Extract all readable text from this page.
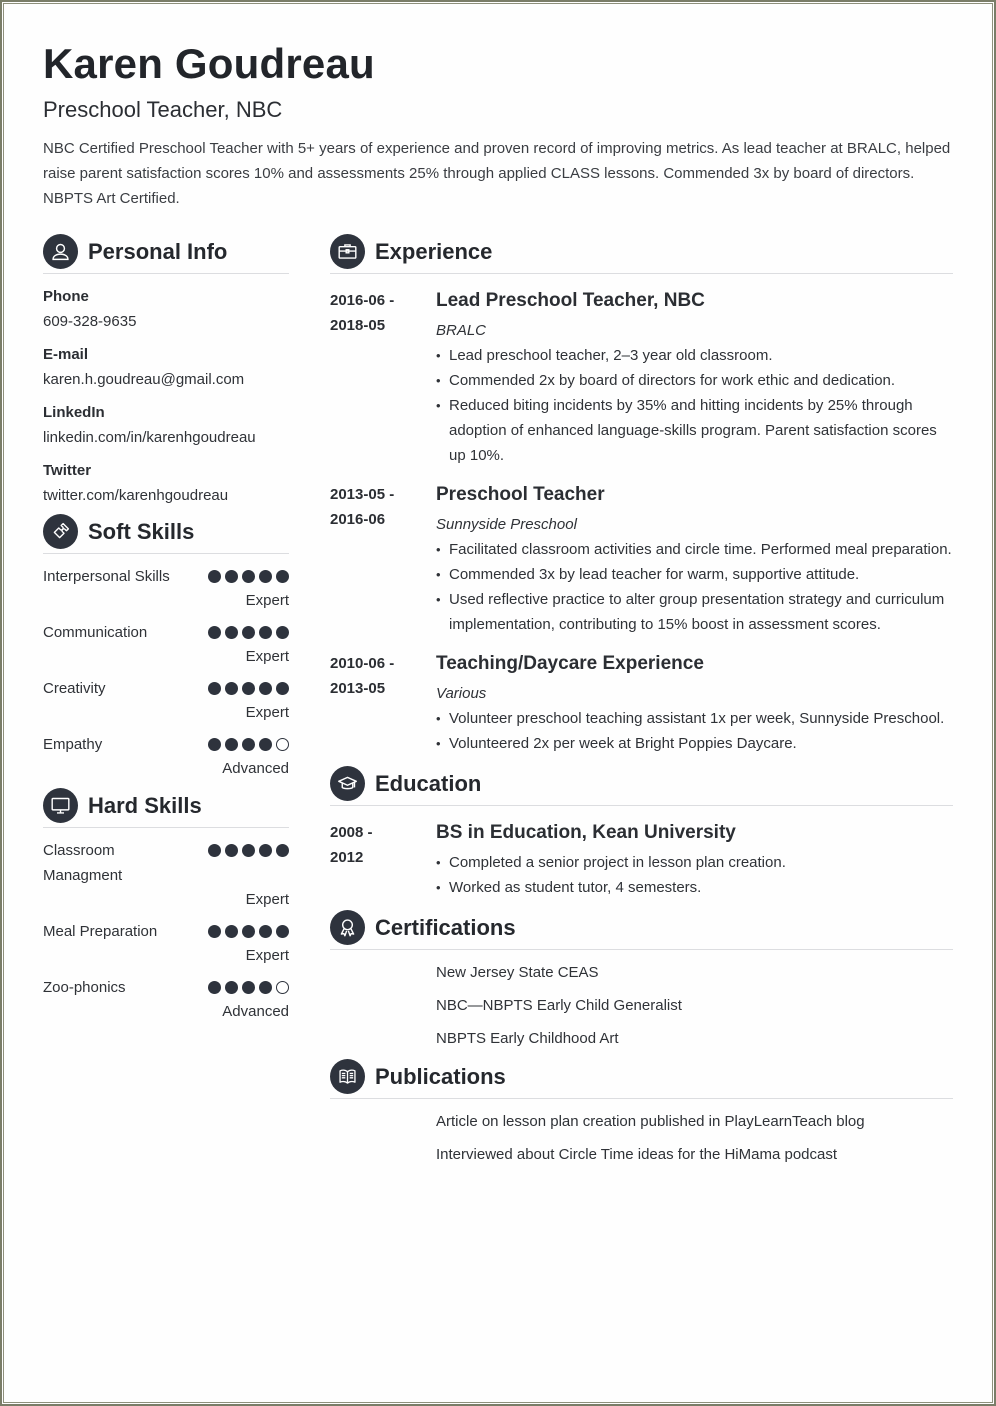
Karen Goudreau
Preschool Teacher, NBC

NBC Certified Preschool Teacher with 5+ years of experience and proven record of improving metrics. As lead teacher at BRALC, helped raise parent satisfaction scores 10% and assessments 25% through applied CLASS lessons. Commended 3x by board of directors. NBPTS Art Certified.

Personal Info
Phone
609-328-9635
E-mail
karen.h.goudreau@gmail.com
LinkedIn
linkedin.com/in/karenhgoudreau
Twitter
twitter.com/karenhgoudreau
Soft Skills
Interpersonal Skills
Expert
Communication
Expert
Creativity
Expert
Empathy
Advanced
Hard Skills
Classroom Managment
Expert
Meal Preparation
Expert
Zoo-phonics
Advanced
Experience
2016-06 -
2018-05
Lead Preschool Teacher, NBC
BRALC
• Lead preschool teacher, 2–3 year old classroom.
• Commended 2x by board of directors for work ethic and dedication.
• Reduced biting incidents by 35% and hitting incidents by 25% through adoption of enhanced language-skills program. Parent satisfaction scores up 10%.
2013-05 -
2016-06
Preschool Teacher
Sunnyside Preschool
• Facilitated classroom activities and circle time. Performed meal preparation.
• Commended 3x by lead teacher for warm, supportive attitude.
• Used reflective practice to alter group presentation strategy and curriculum implementation, contributing to 15% boost in assessment scores.
2010-06 -
2013-05
Teaching/Daycare Experience
Various
• Volunteer preschool teaching assistant 1x per week, Sunnyside Preschool.
• Volunteered 2x per week at Bright Poppies Daycare.
Education
2008 -
2012
BS in Education, Kean University
• Completed a senior project in lesson plan creation.
• Worked as student tutor, 4 semesters.
Certifications
New Jersey State CEAS
NBC—NBPTS Early Child Generalist
NBPTS Early Childhood Art
Publications
Article on lesson plan creation published in PlayLearnTeach blog
Interviewed about Circle Time ideas for the HiMama podcast
